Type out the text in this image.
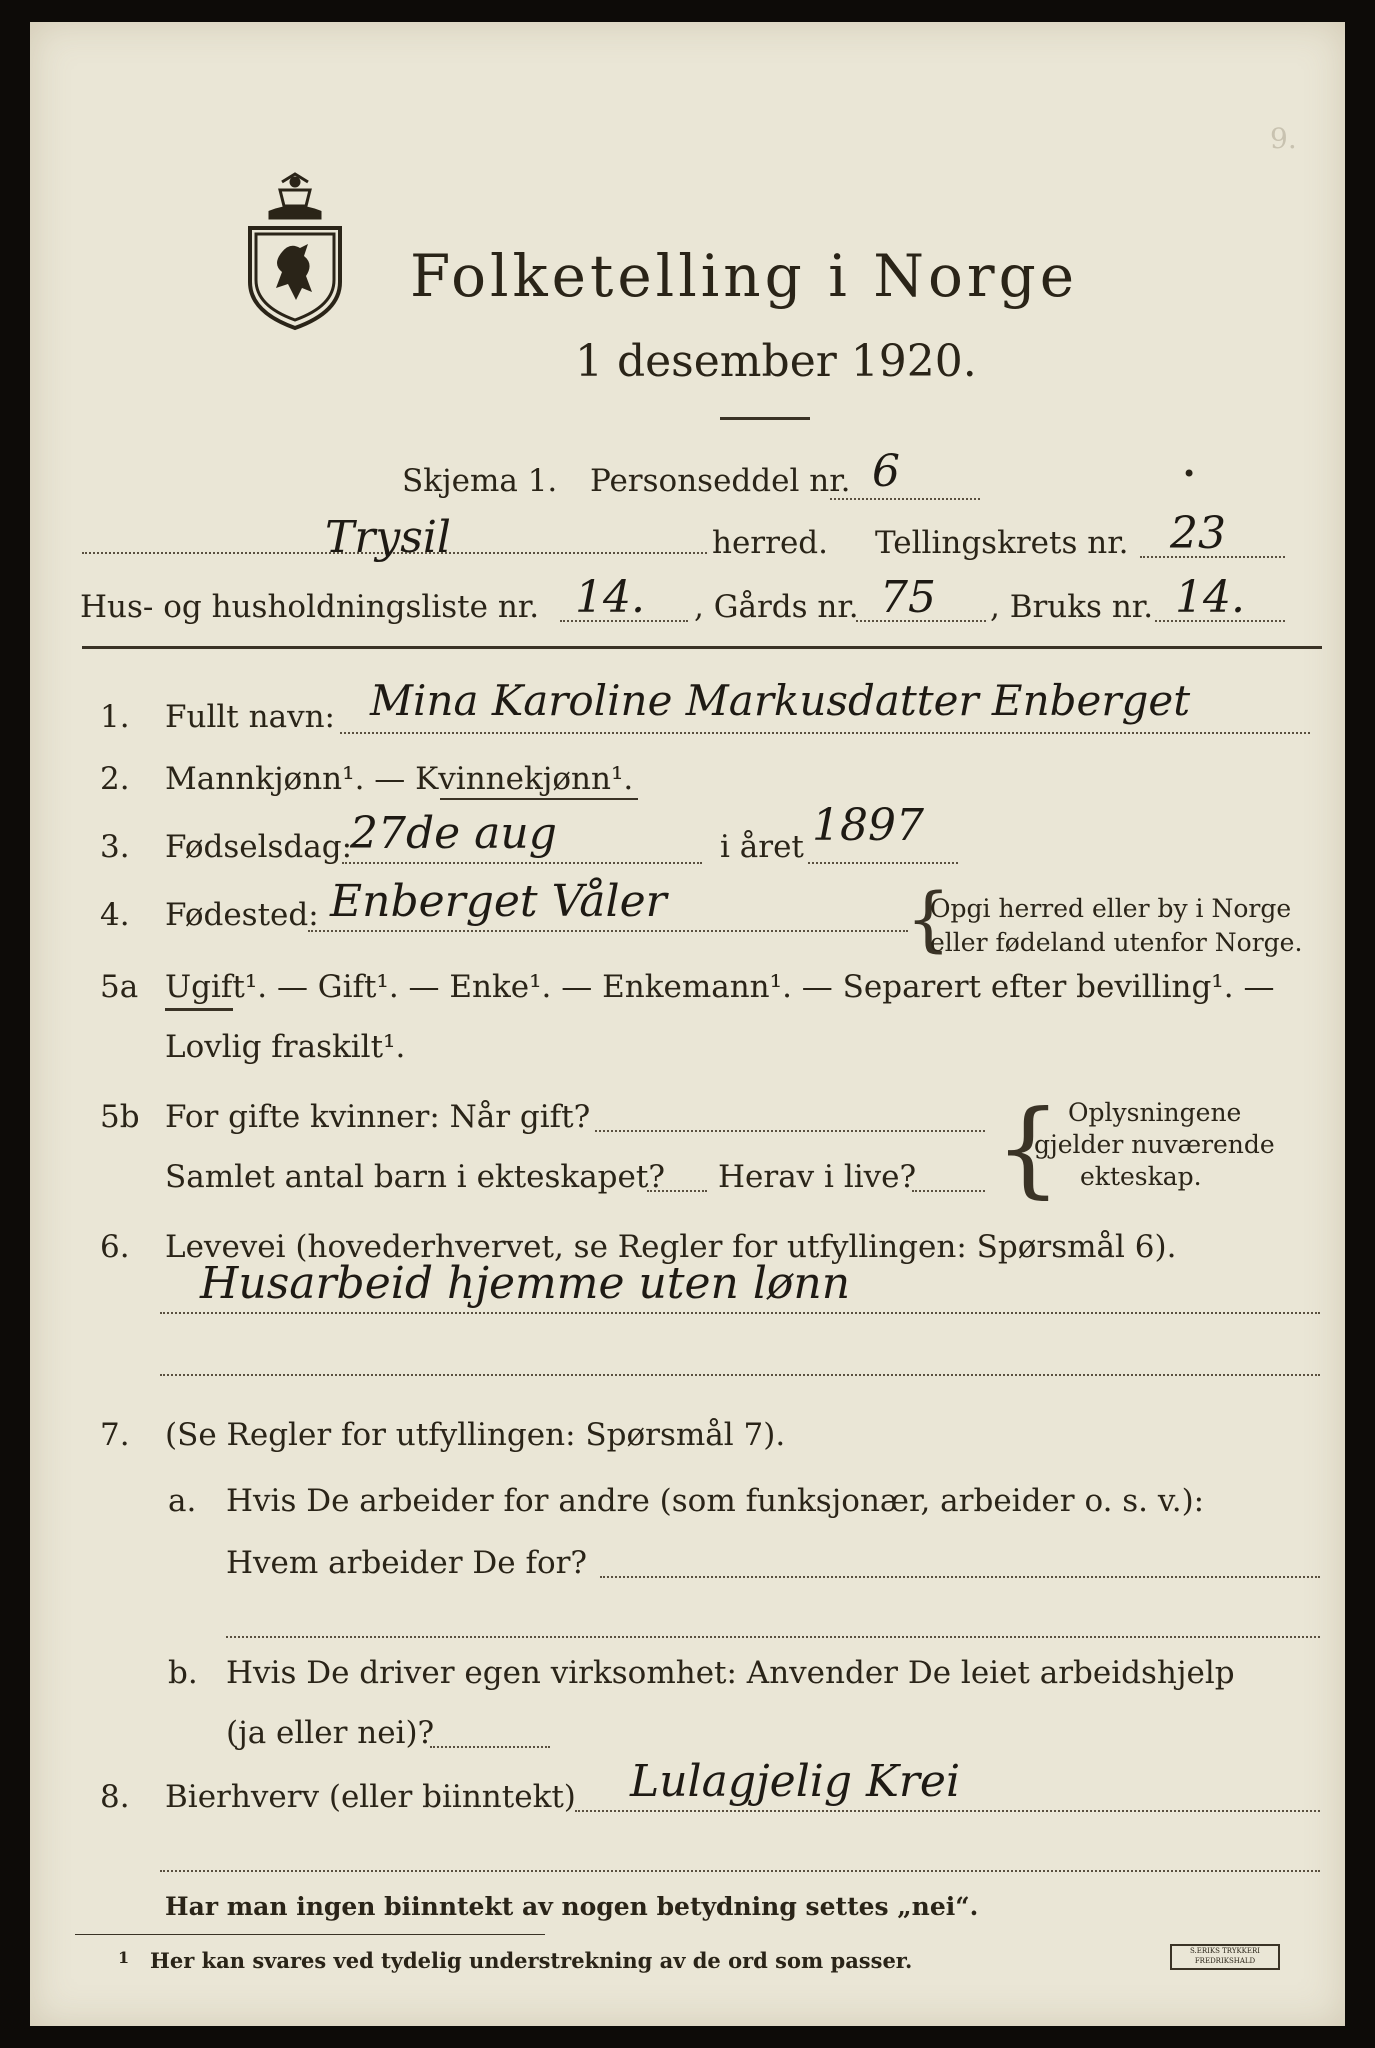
9.
Folketelling i Norge
1 desember 1920.
Skjema 1. Personseddel nr. 6	•
Trysil	herred. Tellingskrets nr. 23
Hus- og husholdningsliste nr. 14. , Gårds nr. 75 , Bruks nr. 14.
1. Fullt navn: Mina Karoline Markusdatter Enberget
2. Mannkjønn¹. — Kvinnekjønn¹.
3. Fødselsdag:
27de aug	i året 1897
4. Fødested: Enberget Våler	{
Opgi herred eller by i Norge
eller fødeland utenfor Norge.
5a Ugift¹. — Gift¹. — Enke¹. — Enkemann¹. — Separert efter bevilling¹. —
Lovlig fraskilt¹.
5b For gifte kvinner: Når gift?
Samlet antal barn i ekteskapet? Herav i live? { Oplysningene
gjelder nuværende
ekteskap.
6. Levevei (hovederhvervet, se Regler for utfyllingen: Spørsmål 6).
Husarbeid hjemme uten lønn
7. (Se Regler for utfyllingen: Spørsmål 7).
a. Hvis De arbeider for andre (som funksjonær, arbeider o. s. v.):
Hvem arbeider De for?
b. Hvis De driver egen virksomhet: Anvender De leiet arbeidshjelp
(ja eller nei)?
8. Bierhverv (eller biinntekt) Lulagjelig Krei
Har man ingen biinntekt av nogen betydning settes „nei“.
1 Her kan svares ved tydelig understrekning av de ord som passer.	S.ERIKS TRYKKERI FREDRIKSHALD
